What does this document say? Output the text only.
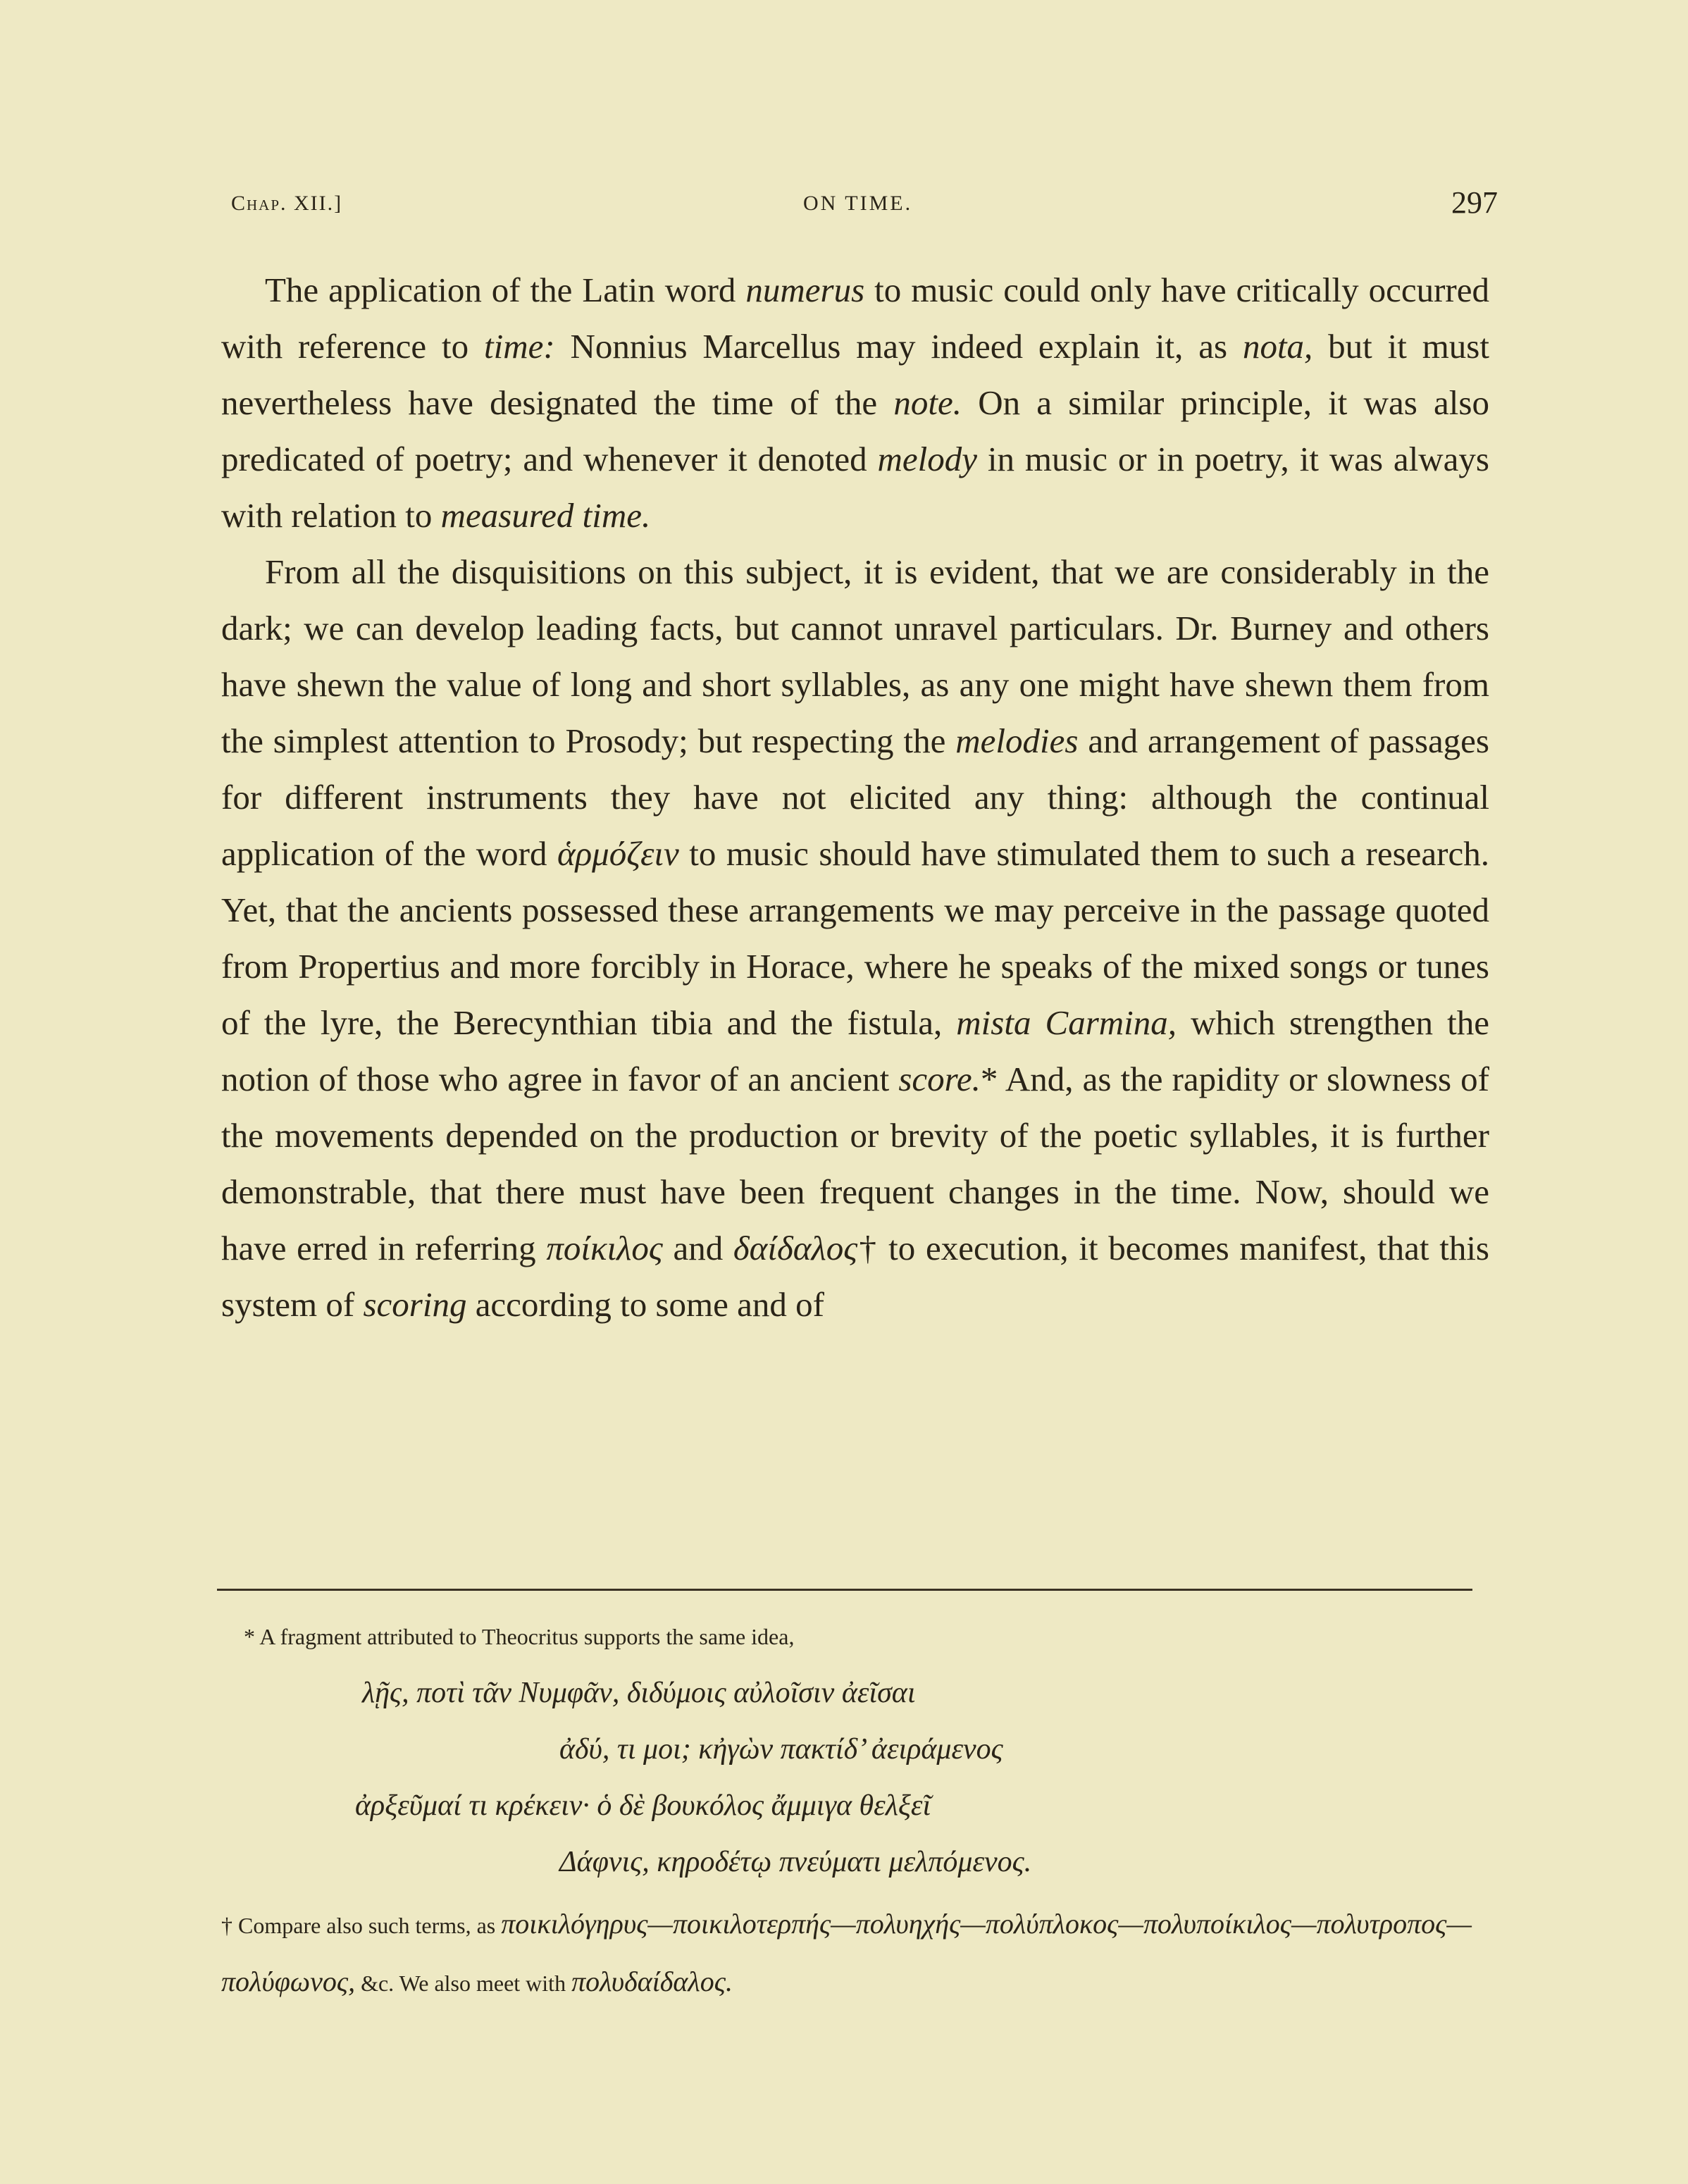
Chap. XII.]	ON TIME.	297

The application of the Latin word numerus to music could only have critically occurred with reference to time: Nonnius Marcellus may indeed explain it, as nota, but it must nevertheless have designated the time of the note. On a similar principle, it was also predicated of poetry; and whenever it denoted melody in music or in poetry, it was always with relation to measured time.

From all the disquisitions on this subject, it is evident, that we are considerably in the dark; we can develop leading facts, but cannot unravel particulars. Dr. Burney and others have shewn the value of long and short syllables, as any one might have shewn them from the simplest attention to Prosody; but respecting the melodies and arrangement of passages for different instruments they have not elicited any thing: although the continual application of the word ἁρμόζειν to music should have stimulated them to such a research. Yet, that the ancients possessed these arrangements we may perceive in the passage quoted from Propertius and more forcibly in Horace, where he speaks of the mixed songs or tunes of the lyre, the Berecynthian tibia and the fistula, mista Carmina, which strengthen the notion of those who agree in favor of an ancient score.* And, as the rapidity or slowness of the movements depended on the production or brevity of the poetic syllables, it is further demonstrable, that there must have been frequent changes in the time. Now, should we have erred in referring ποίκιλος and δαίδαλος† to execution, it becomes manifest, that this system of scoring according to some and of

* A fragment attributed to Theocritus supports the same idea,
λῇς, ποτὶ τᾶν Νυμφᾶν, διδύμοις αὐλοῖσιν ἀεῖσαι
ἀδύ, τι μοι; κἠγὼν πακτίδ’ ἀειράμενος
ἀρξεῦμαί τι κρέκειν· ὁ δὲ βουκόλος ἄμμιγα θελξεῖ
Δάφνις, κηροδέτῳ πνεύματι μελπόμενος.
† Compare also such terms, as ποικιλόγηρυς—ποικιλοτερπής—πολυηχής—πολύπλοκος—πολυποίκιλος—πολυτροπος—πολύφωνος, &c. We also meet with πολυδαίδαλος.
